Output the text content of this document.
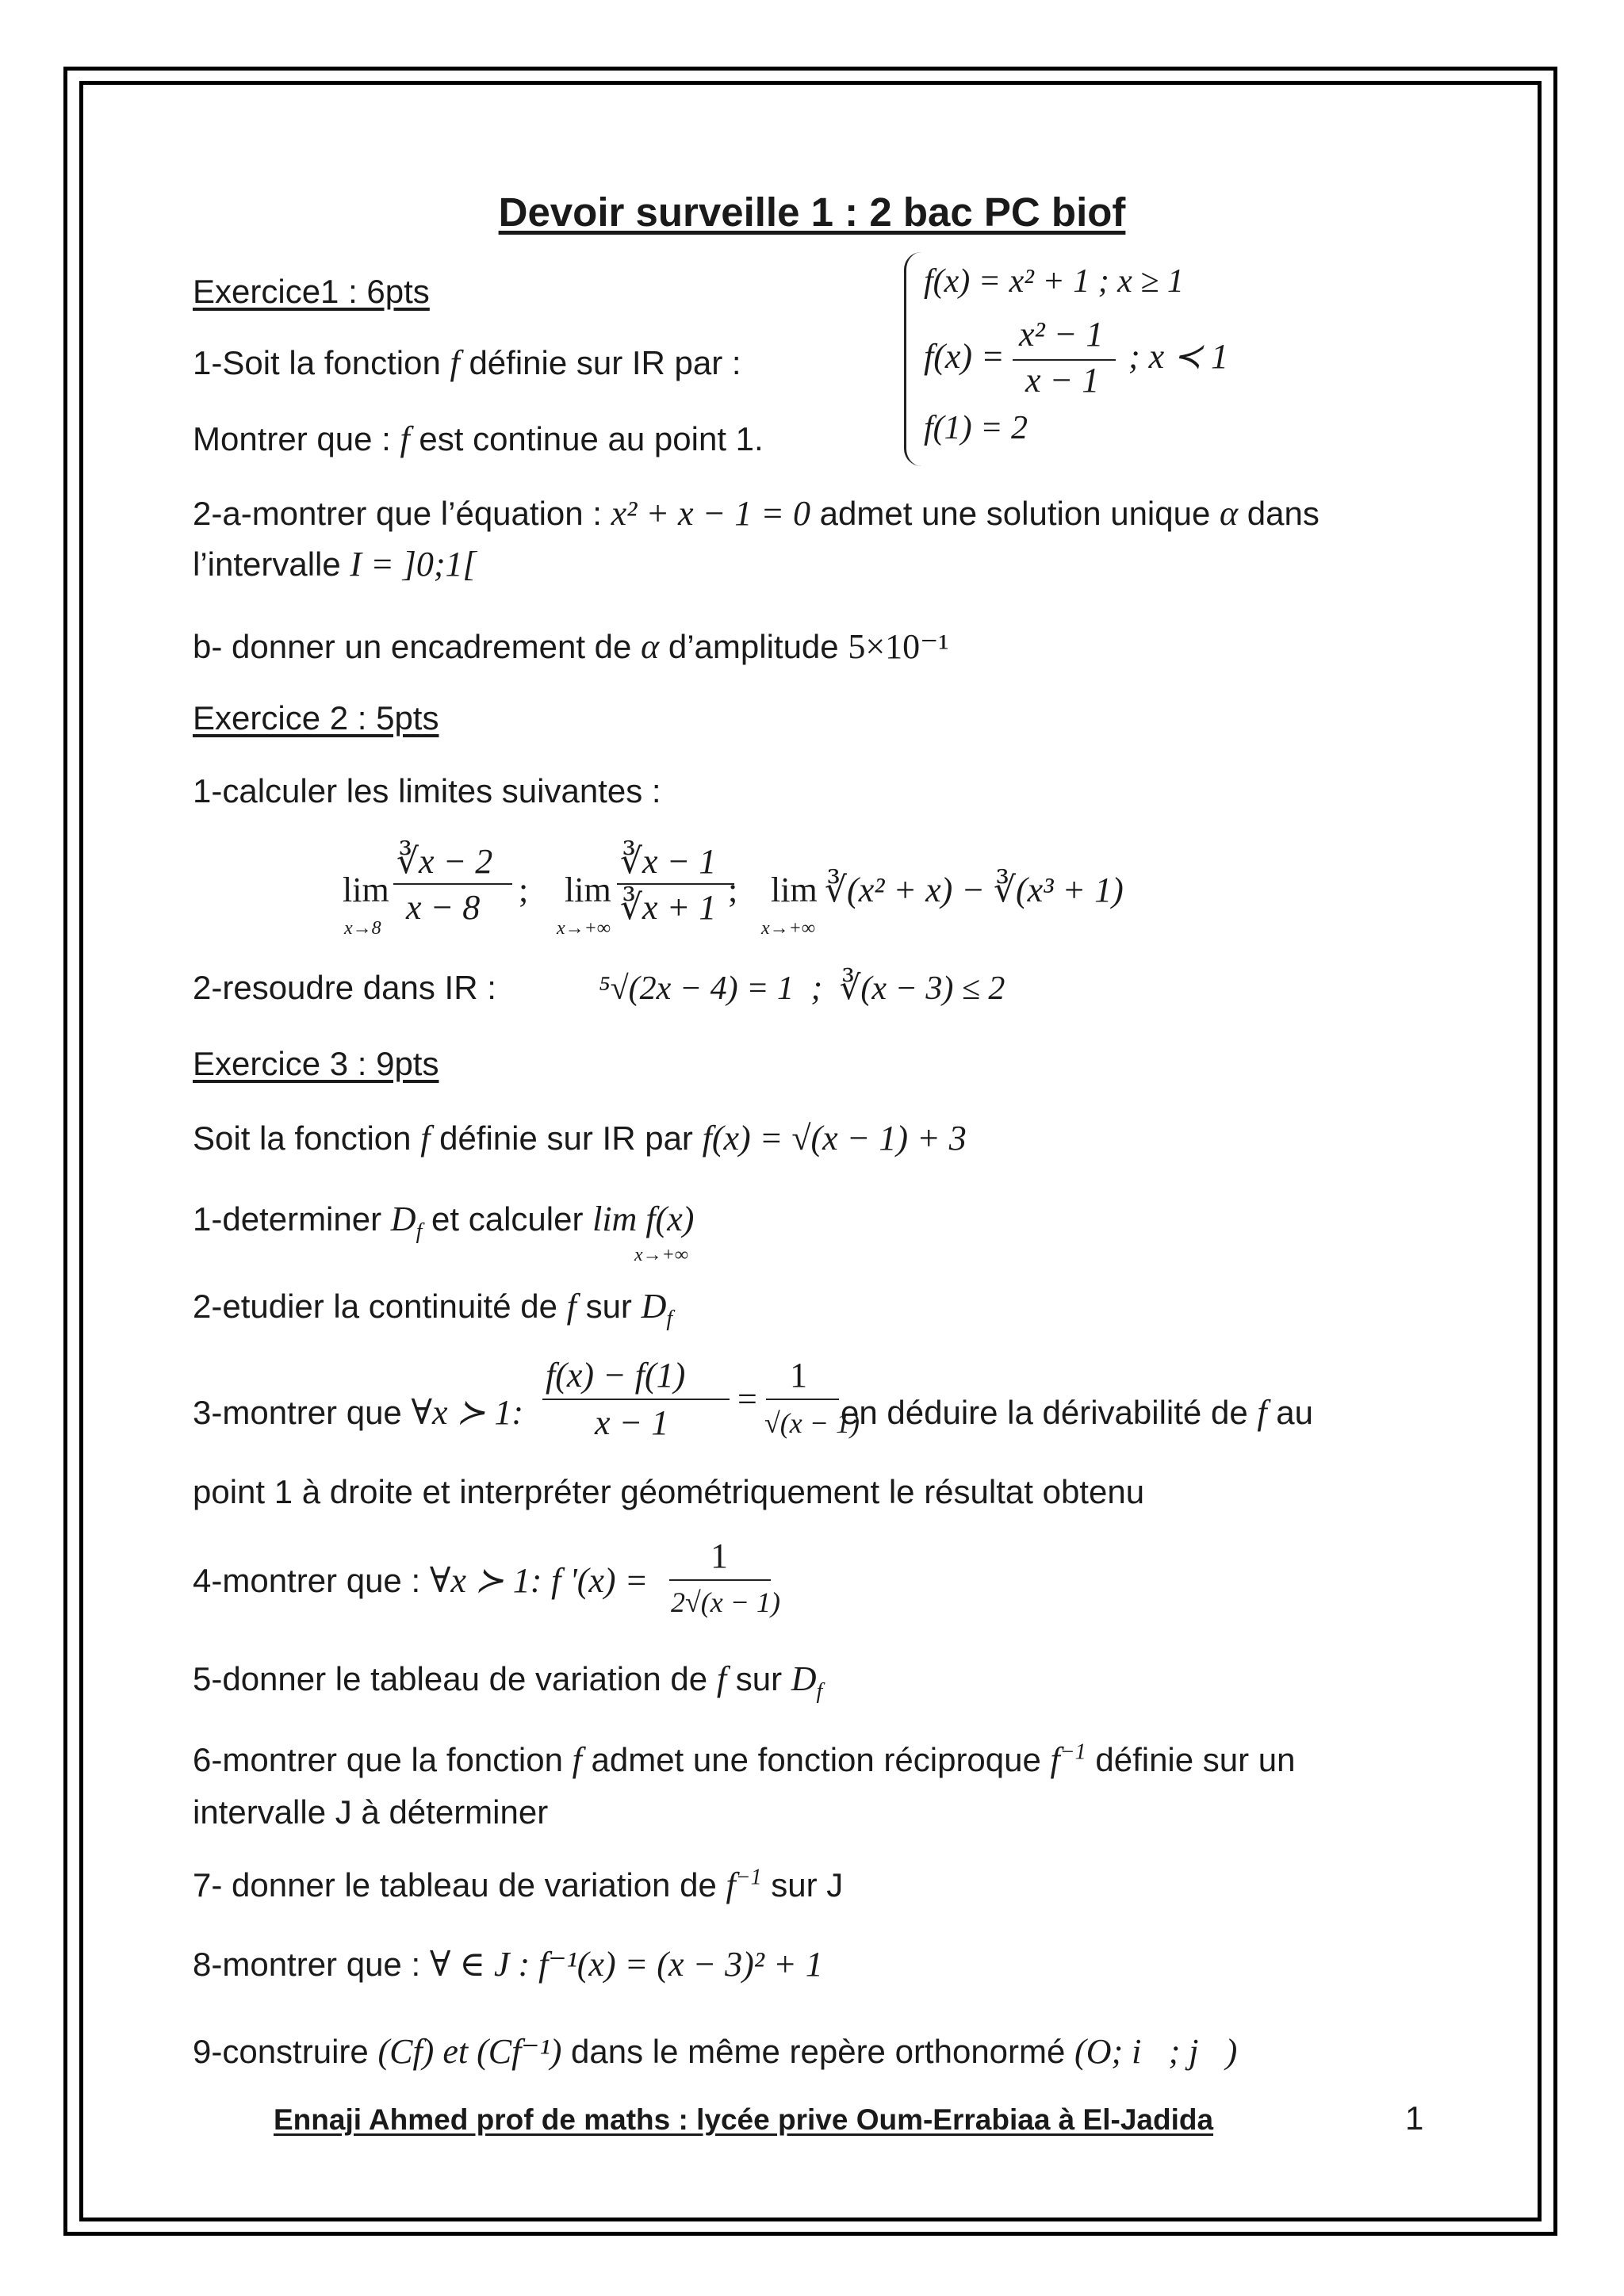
Devoir surveille 1 : 2 bac PC biof
Exercice1 : 6pts
1-Soit la fonction f définie sur IR par :
f(x) = x² + 1 ; x ≥ 1
f(x) =
x² − 1
x − 1
; x ≺ 1
f(1) = 2
Montrer que : f est continue au point 1.
2-a-montrer que l’équation : x² + x − 1 = 0 admet une solution unique α dans
l’intervalle I = ]0;1[
b- donner un encadrement de α d’amplitude 5×10⁻¹
Exercice 2 : 5pts
1-calculer les limites suivantes :
lim
x→8
∛x − 2
x − 8 ; lim
x→+∞
∛x − 1
∛x + 1 ; lim
x→+∞
∛(x² + x) − ∛(x³ + 1)
2-resoudre dans IR :	⁵√(2x − 4) = 1  ;  ∛(x − 3) ≤ 2
Exercice 3 : 9pts
Soit la fonction f définie sur IR par f(x) = √(x − 1) + 3
1-determiner $D_f$ et calculer lim f(x)
x→+∞
2-etudier la continuité de f sur $D_f$
3-montrer que ∀x ≻ 1:
f(x) − f(1)
x − 1
=
1
√(x − 1)
en déduire la dérivabilité de f au
point 1 à droite et interpréter géométriquement le résultat obtenu
4-montrer que : ∀x ≻ 1: f '(x) =
1
2√(x − 1)
5-donner le tableau de variation de f sur $D_f$
6-montrer que la fonction f admet une fonction réciproque $f^{-1}$ définie sur un
intervalle J à déterminer
7- donner le tableau de variation de $f^{-1}$ sur J
8-montrer que : ∀ ∈ J : f⁻¹(x) = (x − 3)² + 1
9-construire (Cf) et (Cf⁻¹) dans le même repère orthonormé (O; i⃗; j⃗)
Ennaji Ahmed prof de maths : lycée prive Oum-Errabiaa à El-Jadida	1
